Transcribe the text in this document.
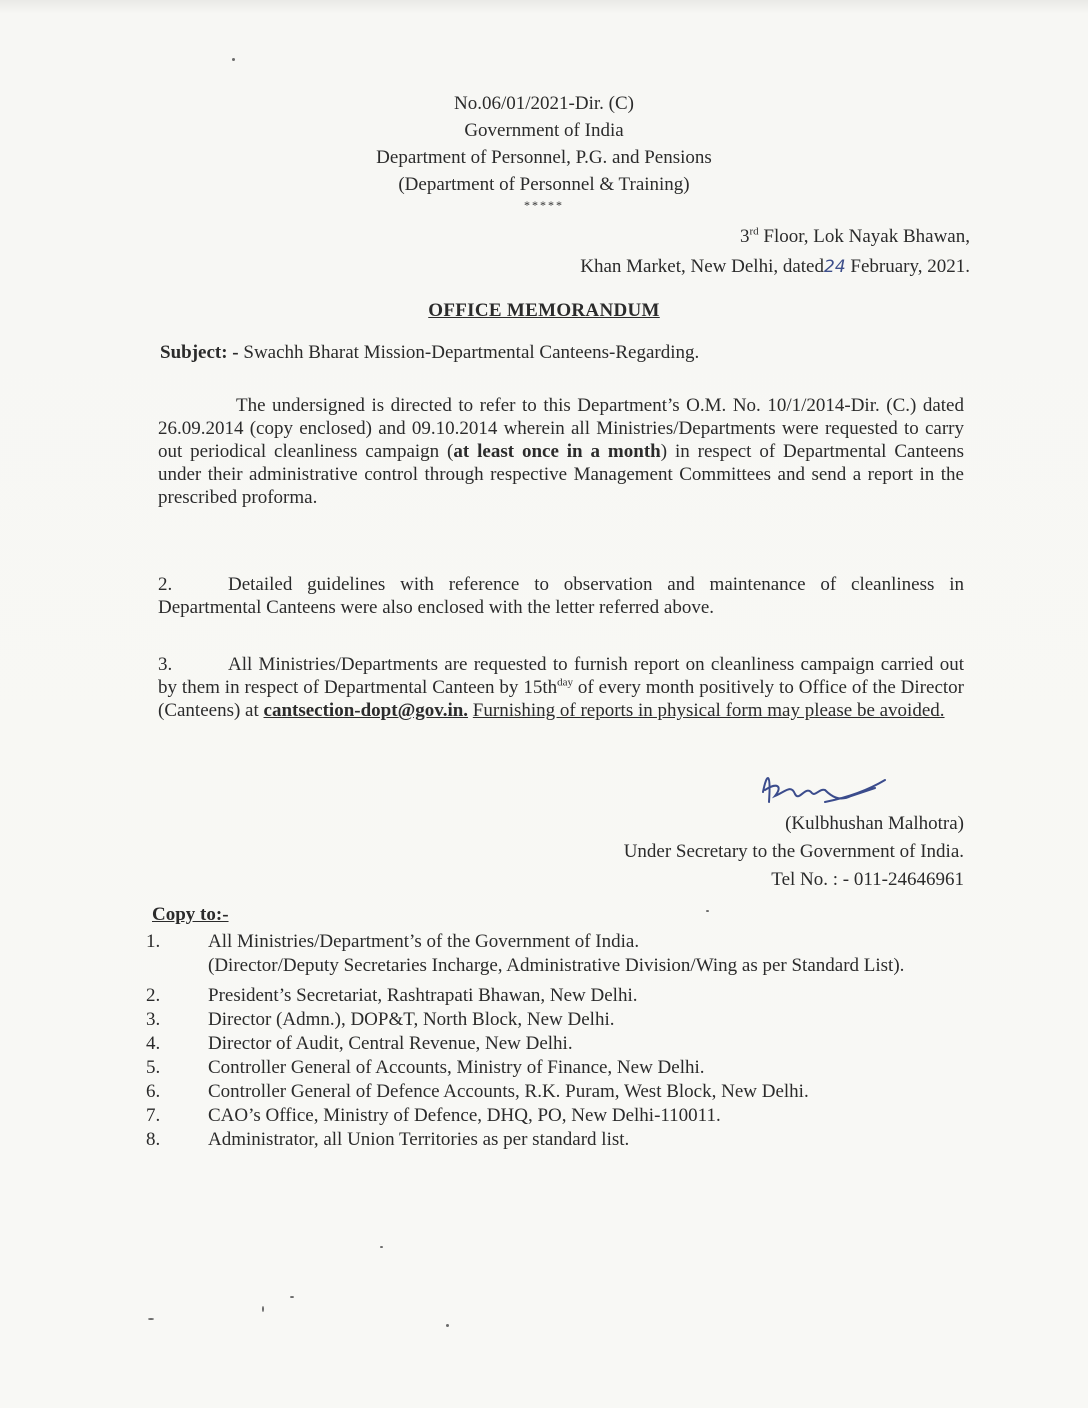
No.06/01/2021-Dir. (C)
Government of India
Department of Personnel, P.G. and Pensions
(Department of Personnel & Training)
*****
3rd Floor, Lok Nayak Bhawan,
Khan Market, New Delhi, dated24 February, 2021.
OFFICE MEMORANDUM
Subject: - Swachh Bharat Mission-Departmental Canteens-Regarding.
The undersigned is directed to refer to this Department’s O.M. No. 10/1/2014-Dir. (C.) dated 26.09.2014 (copy enclosed) and 09.10.2014 wherein all Ministries/Departments were requested to carry out periodical cleanliness campaign (at least once in a month) in respect of Departmental Canteens under their administrative control through respective Management Committees and send a report in the prescribed proforma.
2.	Detailed guidelines with reference to observation and maintenance of cleanliness in Departmental Canteens were also enclosed with the letter referred above.
3.	All Ministries/Departments are requested to furnish report on cleanliness campaign carried out by them in respect of Departmental Canteen by $15th^{day}$ of every month positively to Office of the Director (Canteens) at cantsection-dopt@gov.in. Furnishing of reports in physical form may please be avoided.
(Kulbhushan Malhotra)
Under Secretary to the Government of India.
Tel No. : - 011-24646961
Copy to:-
1.	All Ministries/Department’s of the Government of India.
(Director/Deputy Secretaries Incharge, Administrative Division/Wing as per Standard List).
2.	President’s Secretariat, Rashtrapati Bhawan, New Delhi.
3.	Director (Admn.), DOP&T, North Block, New Delhi.
4.	Director of Audit, Central Revenue, New Delhi.
5.	Controller General of Accounts, Ministry of Finance, New Delhi.
6.	Controller General of Defence Accounts, R.K. Puram, West Block, New Delhi.
7.	CAO’s Office, Ministry of Defence, DHQ, PO, New Delhi-110011.
8.	Administrator, all Union Territories as per standard list.
